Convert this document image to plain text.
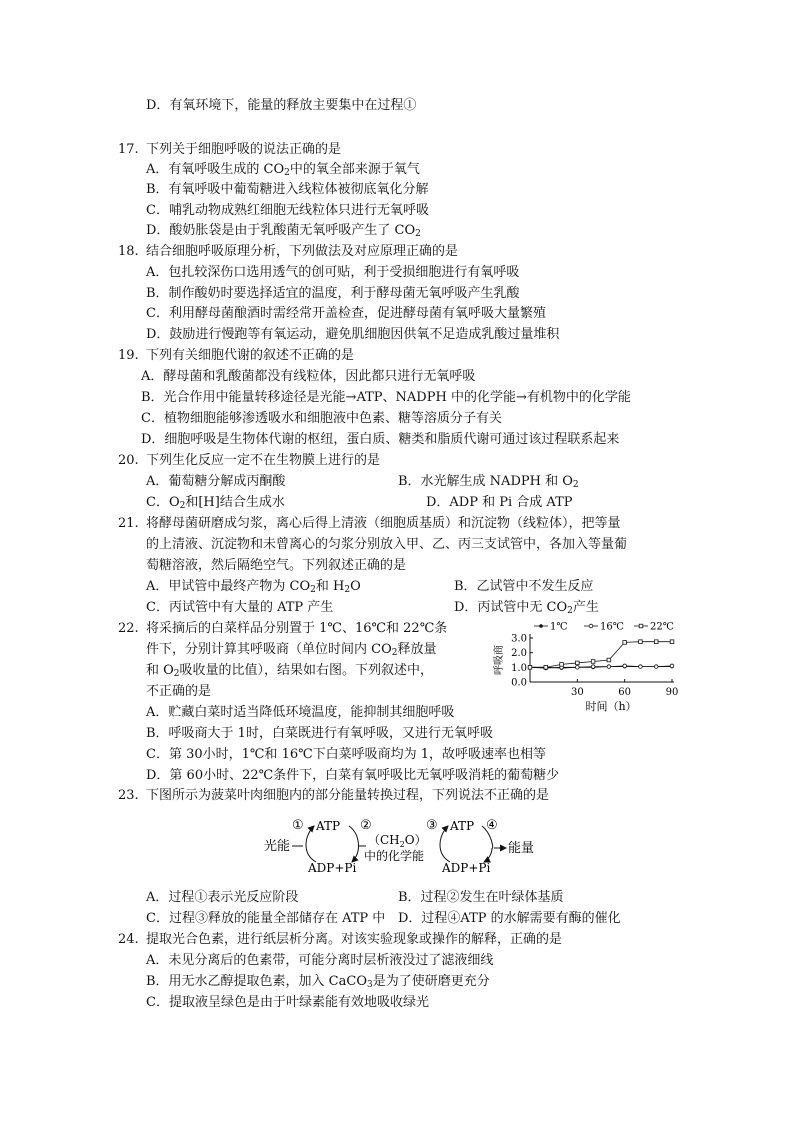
D．有氧环境下，能量的释放主要集中在过程①
17. 下列关于细胞呼吸的说法正确的是
A．有氧呼吸生成的 $CO_2$中的氧全部来源于氧气
B．有氧呼吸中葡萄糖进入线粒体被彻底氧化分解
C．哺乳动物成熟红细胞无线粒体只进行无氧呼吸
D．酸奶胀袋是由于乳酸菌无氧呼吸产生了 $CO_2$
18. 结合细胞呼吸原理分析，下列做法及对应原理正确的是
A．包扎较深伤口选用透气的创可贴，利于受损细胞进行有氧呼吸
B．制作酸奶时要选择适宜的温度，利于酵母菌无氧呼吸产生乳酸
C．利用酵母菌酿酒时需经常开盖检查，促进酵母菌有氧呼吸大量繁殖
D．鼓励进行慢跑等有氧运动，避免肌细胞因供氧不足造成乳酸过量堆积
19. 下列有关细胞代谢的叙述不正确的是
A．酵母菌和乳酸菌都没有线粒体，因此都只进行无氧呼吸
B．光合作用中能量转移途径是光能→ATP、NADPH 中的化学能→有机物中的化学能
C．植物细胞能够渗透吸水和细胞液中色素、糖等溶质分子有关
D．细胞呼吸是生物体代谢的枢纽，蛋白质、糖类和脂质代谢可通过该过程联系起来
20. 下列生化反应一定不在生物膜上进行的是
A．葡萄糖分解成丙酮酸	B．水光解生成 NADPH 和 $O_2$
C．$O_2$和[H]结合生成水	D．ADP 和 Pi 合成 ATP
21. 将酵母菌研磨成匀浆，离心后得上清液（细胞质基质）和沉淀物（线粒体），把等量
的上清液、沉淀物和未曾离心的匀浆分别放入甲、乙、丙三支试管中，各加入等量葡
萄糖溶液，然后隔绝空气。下列叙述正确的是
A．甲试管中最终产物为 $CO_2$和 $H_2O$	B．乙试管中不发生反应
C．丙试管中有大量的 ATP 产生	D．丙试管中无 $CO_2$产生
22. 将采摘后的白菜样品分别置于 1℃、16℃和 22℃条
件下，分别计算其呼吸商（单位时间内 $CO_2$释放量
和 $O_2$吸收量的比值），结果如右图。下列叙述中，
不正确的是
A．贮藏白菜时适当降低环境温度，能抑制其细胞呼吸
B．呼吸商大于 1时，白菜既进行有氧呼吸，又进行无氧呼吸
C．第 30小时，1℃和 16℃下白菜呼吸商均为 1，故呼吸速率也相等
D．第 60小时、22℃条件下，白菜有氧呼吸比无氧呼吸消耗的葡萄糖少
0.0
1.0
2.0
3.0
30	60	90
呼吸商
时间（h）
1℃	16℃	22℃
23. 下图所示为菠菜叶肉细胞内的部分能量转换过程，下列说法不正确的是
光能
① ATP ②
ADP+Pi
$(CH_2O)$
中的化学能
③ ATP ④
ADP+Pi
能量
A．过程①表示光反应阶段	B．过程②发生在叶绿体基质
C．过程③释放的能量全部储存在 ATP 中 D．过程④ATP 的水解需要有酶的催化
24. 提取光合色素，进行纸层析分离。对该实验现象或操作的解释，正确的是
A．未见分离后的色素带，可能分离时层析液没过了滤液细线
B．用无水乙醇提取色素，加入 CaCO$_3$是为了使研磨更充分
C．提取液呈绿色是由于叶绿素能有效地吸收绿光
